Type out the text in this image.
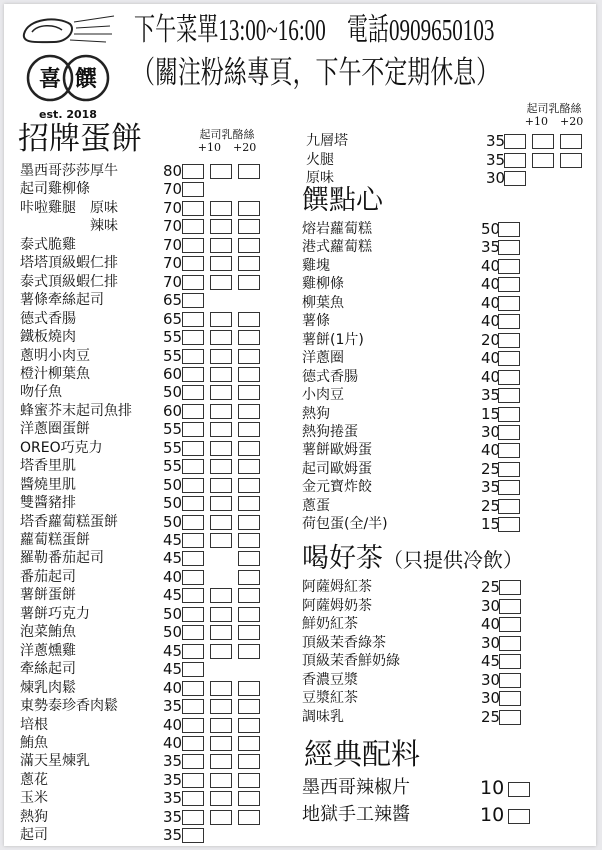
喜 饌
est. 2018
下午菜單13:00~16:00　電話0909650103
（關注粉絲專頁，下午不定期休息）
招牌蛋餅	起司乳酪絲
+10 +20
起司乳酪絲
+10 +20
饌點心
喝好茶（只提供冷飲）
經典配料
墨西哥莎莎厚牛	80
起司雞柳條	70
咔啦雞腿　原味	70
　　　　　辣味	70
泰式脆雞	70
塔塔頂級蝦仁排	70
泰式頂級蝦仁排	70
薯條牽絲起司	65
德式香腸	65
鐵板燒肉	55
蔥明小肉豆	55
橙汁柳葉魚	60
吻仔魚	50
蜂蜜芥末起司魚排 60
洋蔥圈蛋餅	55
OREO巧克力	55
塔香里肌	55
醬燒里肌	50
雙醬豬排	50
塔香蘿蔔糕蛋餅	50
蘿蔔糕蛋餅	45
羅勒番茄起司	45
番茄起司	40
薯餅蛋餅	45
薯餅巧克力	50
泡菜鮪魚	50
洋蔥燻雞	45
牽絲起司	45
煉乳肉鬆	40
東勢泰珍香肉鬆	35
培根	40
鮪魚	40
滿天星煉乳	35
蔥花	35
玉米	35
熱狗	35
起司	35
九層塔	35
火腿	35
原味	30
熔岩蘿蔔糕	50
港式蘿蔔糕	35
雞塊	40
雞柳條	40
柳葉魚	40
薯條	40
薯餅(1片)	20
洋蔥圈	40
德式香腸	40
小肉豆	35
熱狗	15
熱狗捲蛋	30
薯餅歐姆蛋	40
起司歐姆蛋	25
金元寶炸餃	35
蔥蛋	25
荷包蛋(全/半)	15
阿薩姆紅茶	25
阿薩姆奶茶	30
鮮奶紅茶	40
頂級茉香綠茶	30
頂級茉香鮮奶綠	45
香濃豆漿	30
豆漿紅茶	30
調味乳	25
墨西哥辣椒片	10
地獄手工辣醬	10
